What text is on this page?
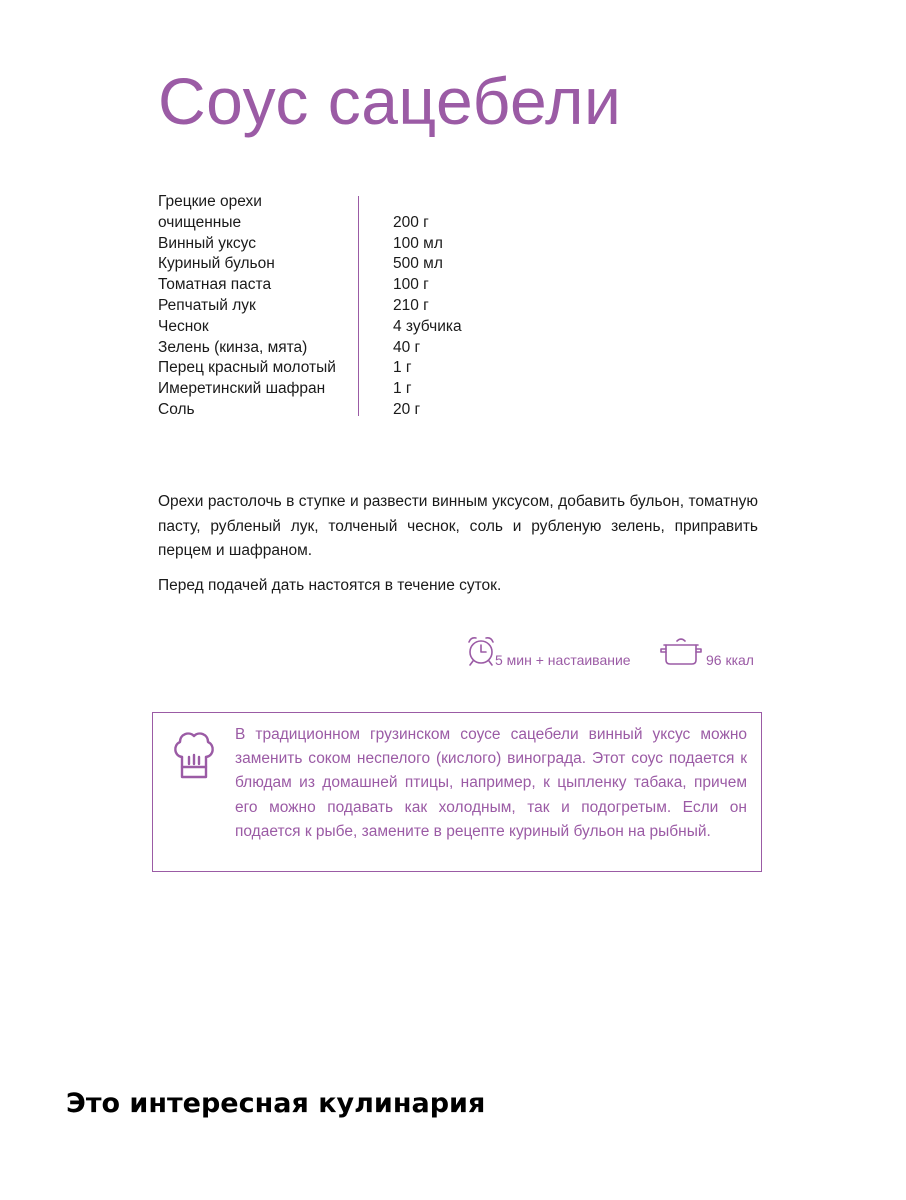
Соус сацебели
Грецкие орехи
очищенные	200 г
Винный уксус	100 мл
Куриный бульон	500 мл
Томатная паста	100 г
Репчатый лук	210 г
Чеснок	4 зубчика
Зелень (кинза, мята)	40 г
Перец красный молотый	1 г
Имеретинский шафран	1 г
Соль	20 г

Орехи растолочь в ступке и развести винным уксусом, добавить бульон, томатную пасту, рубленый лук, толченый чеснок, соль и рубленую зелень, приправить перцем и шафраном.

Перед подачей дать настоятся в течение суток.

5 мин + настаивание	96 ккал

В традиционном грузинском соусе сацебели винный уксус можно заменить соком неспелого (кислого) винограда. Этот соус подается к блюдам из домашней птицы, например, к цыпленку табака, причем его можно подавать как холодным, так и подогретым. Если он подается к рыбе, замените в рецепте куриный бульон на рыбный.

Это интересная кулинария
